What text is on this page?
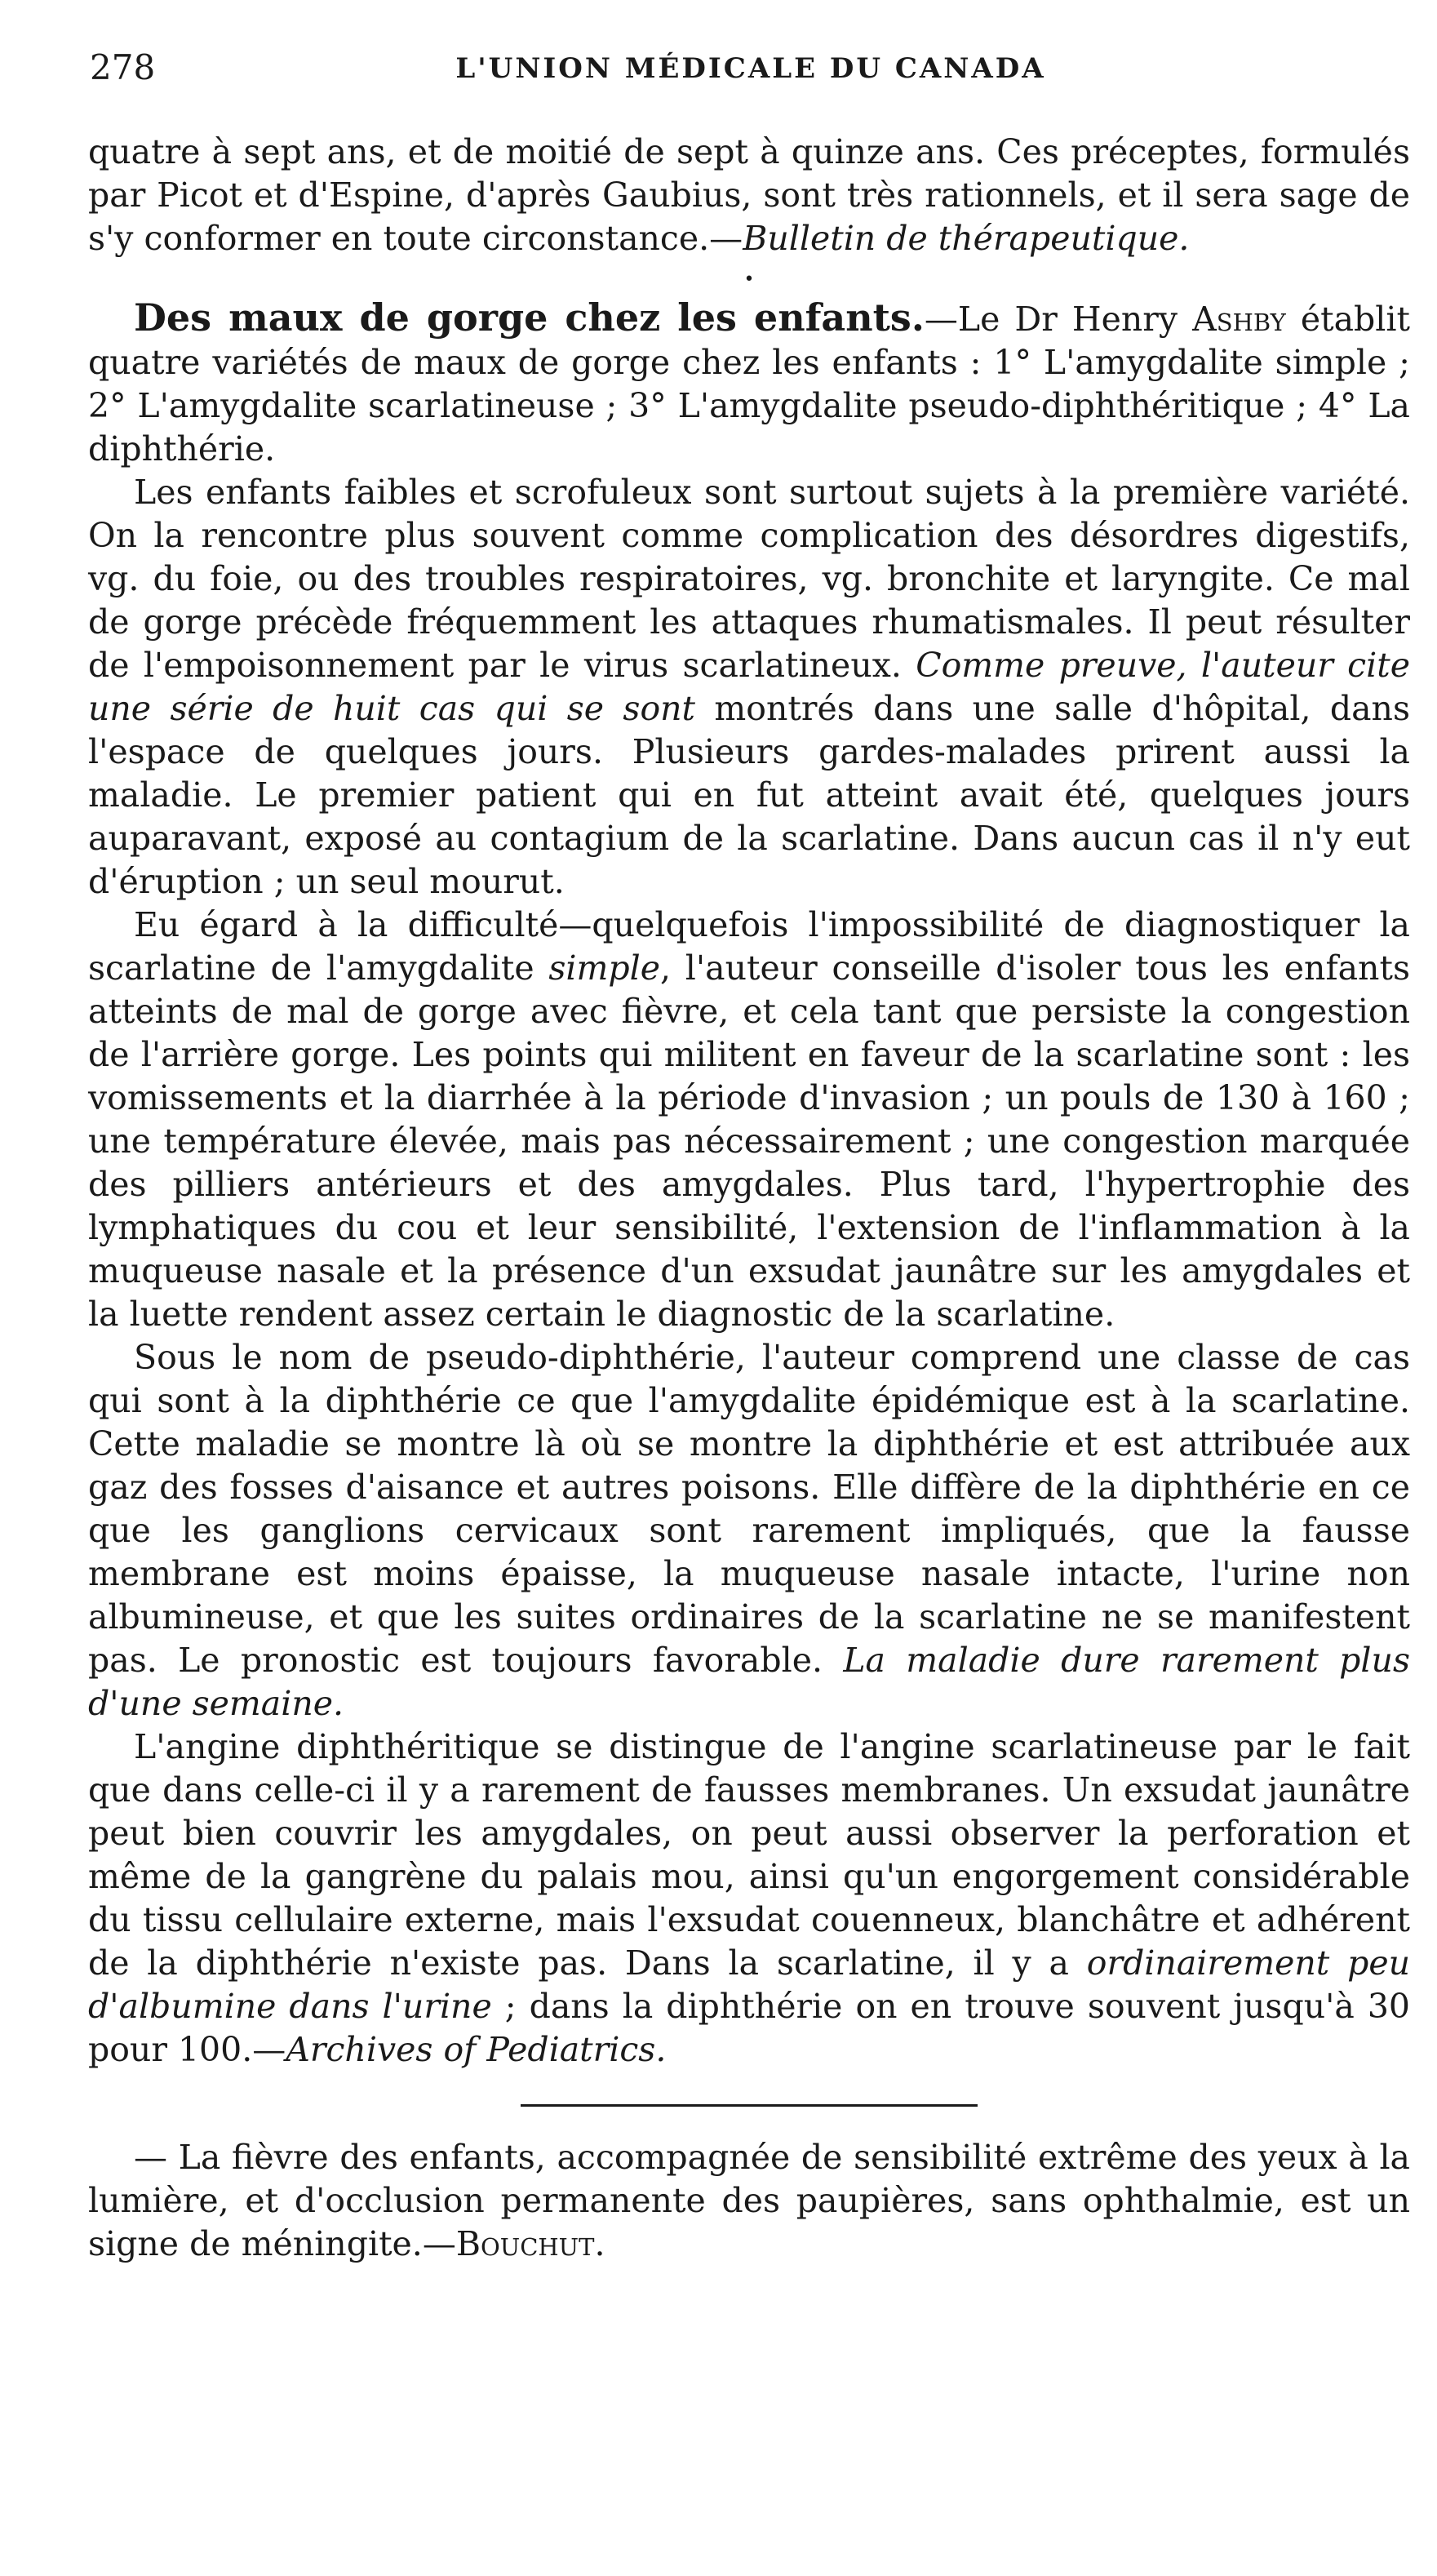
278	L'UNION MÉDICALE DU CANADA

quatre à sept ans, et de moitié de sept à quinze ans. Ces préceptes, formulés par Picot et d'Espine, d'après Gaubius, sont très rationnels, et il sera sage de s'y conformer en toute circonstance.—Bulletin de thérapeutique.

•

Des maux de gorge chez les enfants.—Le Dr Henry Ashby établit quatre variétés de maux de gorge chez les enfants : 1° L'amygdalite simple ; 2° L'amygdalite scarlatineuse ; 3° L'amygdalite pseudo-diphthéritique ; 4° La diphthérie.

Les enfants faibles et scrofuleux sont surtout sujets à la première variété. On la rencontre plus souvent comme complication des désordres digestifs, vg. du foie, ou des troubles respiratoires, vg. bronchite et laryngite. Ce mal de gorge précède fréquemment les attaques rhumatismales. Il peut résulter de l'empoisonnement par le virus scarlatineux. Comme preuve, l'auteur cite une série de huit cas qui se sont montrés dans une salle d'hôpital, dans l'espace de quelques jours. Plusieurs gardes-malades prirent aussi la maladie. Le premier patient qui en fut atteint avait été, quelques jours auparavant, exposé au contagium de la scarlatine. Dans aucun cas il n'y eut d'éruption ; un seul mourut.

Eu égard à la difficulté—quelquefois l'impossibilité de diagnostiquer la scarlatine de l'amygdalite simple, l'auteur conseille d'isoler tous les enfants atteints de mal de gorge avec fièvre, et cela tant que persiste la congestion de l'arrière gorge. Les points qui militent en faveur de la scarlatine sont : les vomissements et la diarrhée à la période d'invasion ; un pouls de 130 à 160 ; une température élevée, mais pas nécessairement ; une congestion marquée des pilliers antérieurs et des amygdales. Plus tard, l'hypertrophie des lymphatiques du cou et leur sensibilité, l'extension de l'inflammation à la muqueuse nasale et la présence d'un exsudat jaunâtre sur les amygdales et la luette rendent assez certain le diagnostic de la scarlatine.

Sous le nom de pseudo-diphthérie, l'auteur comprend une classe de cas qui sont à la diphthérie ce que l'amygdalite épidémique est à la scarlatine. Cette maladie se montre là où se montre la diphthérie et est attribuée aux gaz des fosses d'aisance et autres poisons. Elle diffère de la diphthérie en ce que les ganglions cervicaux sont rarement impliqués, que la fausse membrane est moins épaisse, la muqueuse nasale intacte, l'urine non albumineuse, et que les suites ordinaires de la scarlatine ne se manifestent pas. Le pronostic est toujours favorable. La maladie dure rarement plus d'une semaine.

L'angine diphthéritique se distingue de l'angine scarlatineuse par le fait que dans celle-ci il y a rarement de fausses membranes. Un exsudat jaunâtre peut bien couvrir les amygdales, on peut aussi observer la perforation et même de la gangrène du palais mou, ainsi qu'un engorgement considérable du tissu cellulaire externe, mais l'exsudat couenneux, blanchâtre et adhérent de la diphthérie n'existe pas. Dans la scarlatine, il y a ordinairement peu d'albumine dans l'urine ; dans la diphthérie on en trouve souvent jusqu'à 30 pour 100.—Archives of Pediatrics.

— La fièvre des enfants, accompagnée de sensibilité extrême des yeux à la lumière, et d'occlusion permanente des paupières, sans ophthalmie, est un signe de méningite.—Bouchut.
